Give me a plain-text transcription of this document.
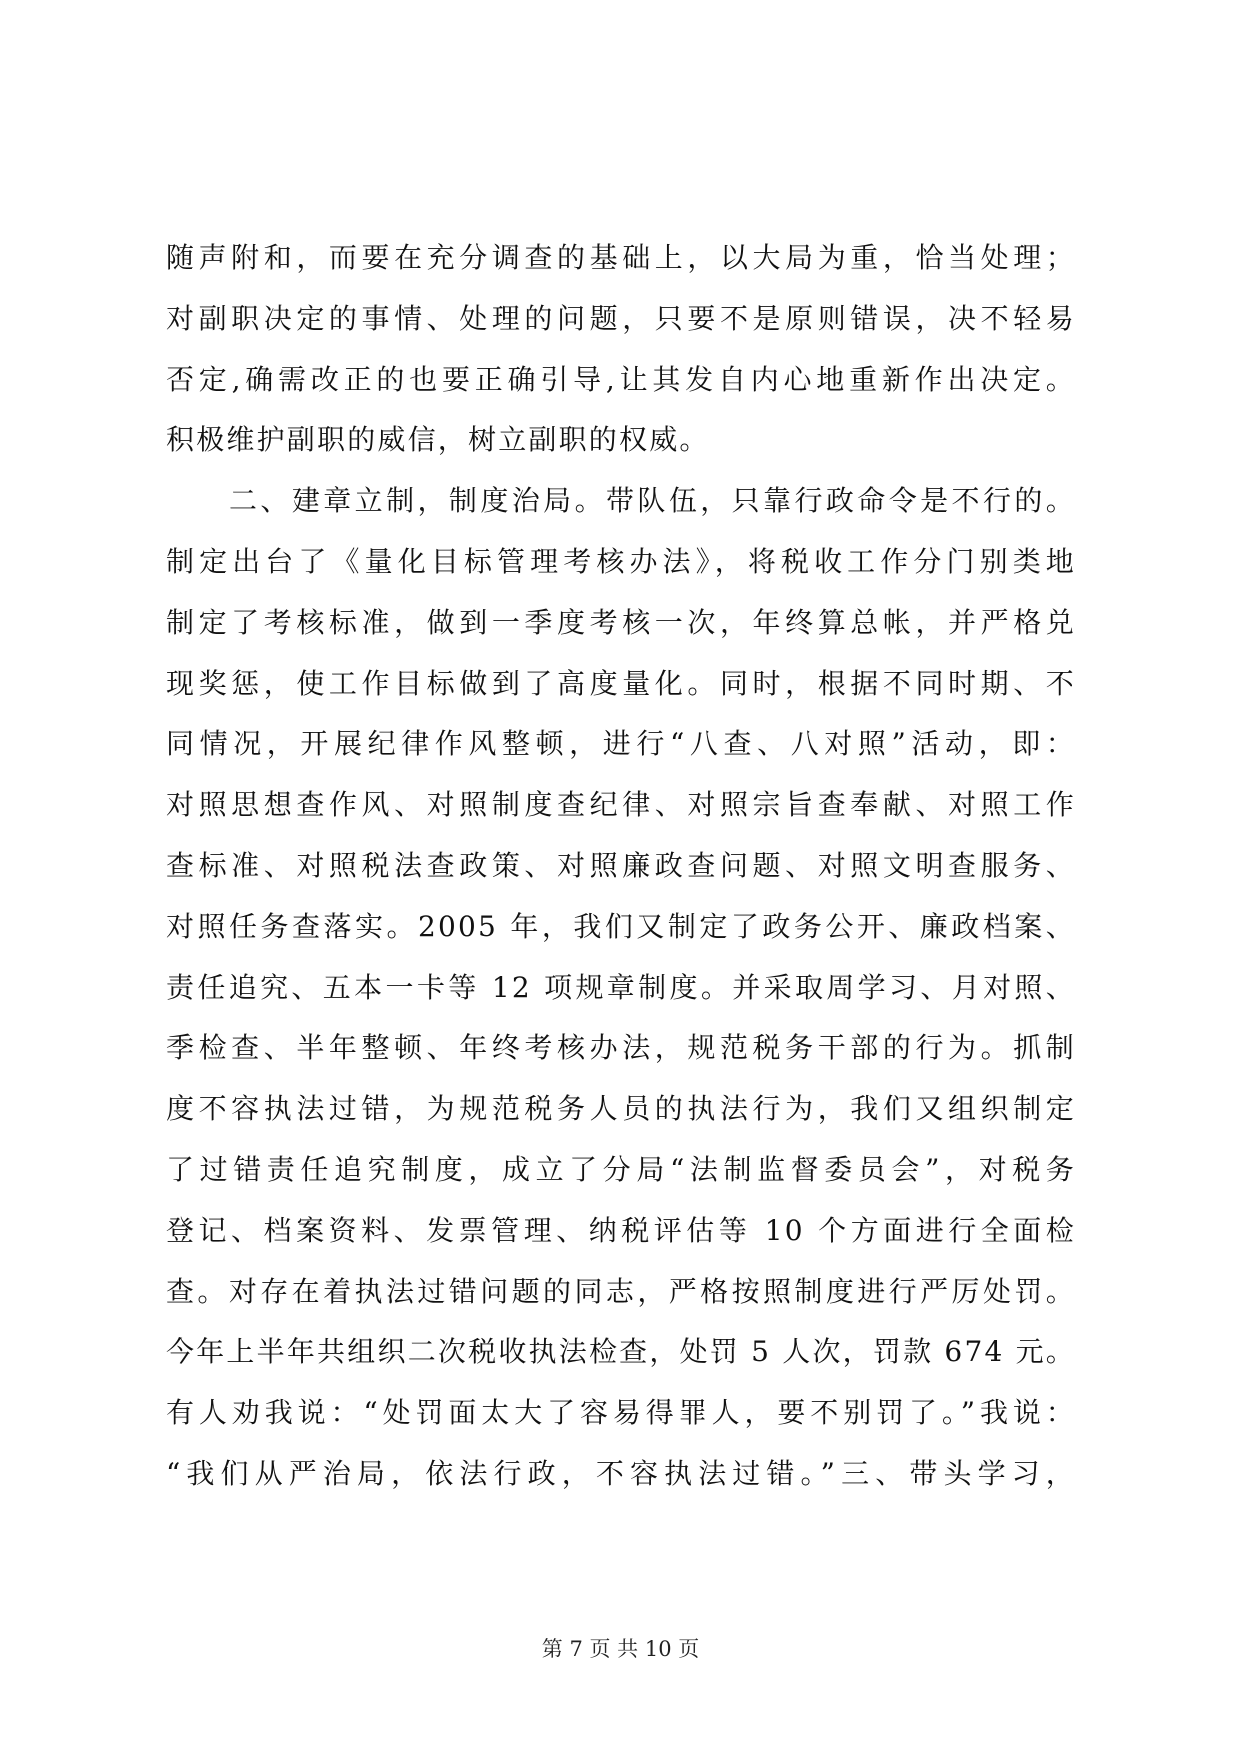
随声附和，而要在充分调查的基础上，以大局为重，恰当处理；
对副职决定的事情、处理的问题，只要不是原则错误，决不轻易
否定,确需改正的也要正确引导,让其发自内心地重新作出决定。
积极维护副职的威信，树立副职的权威。
二、建章立制，制度治局。带队伍，只靠行政命令是不行的。
制定出台了《量化目标管理考核办法》，将税收工作分门别类地
制定了考核标准，做到一季度考核一次，年终算总帐，并严格兑
现奖惩，使工作目标做到了高度量化。同时，根据不同时期、不
同情况，开展纪律作风整顿，进行“八查、八对照”活动，即：
对照思想查作风、对照制度查纪律、对照宗旨查奉献、对照工作
查标准、对照税法查政策、对照廉政查问题、对照文明查服务、
对照任务查落实。2005 年，我们又制定了政务公开、廉政档案、
责任追究、五本一卡等 12 项规章制度。并采取周学习、月对照、
季检查、半年整顿、年终考核办法，规范税务干部的行为。抓制
度不容执法过错，为规范税务人员的执法行为，我们又组织制定
了过错责任追究制度，成立了分局“法制监督委员会”，对税务
登记、档案资料、发票管理、纳税评估等 10 个方面进行全面检
查。对存在着执法过错问题的同志，严格按照制度进行严厉处罚。
今年上半年共组织二次税收执法检查，处罚 5 人次，罚款 674 元。
有人劝我说：“处罚面太大了容易得罪人，要不别罚了。”我说：
“我们从严治局，依法行政，不容执法过错。”三、带头学习，
第 7 页 共 10 页
